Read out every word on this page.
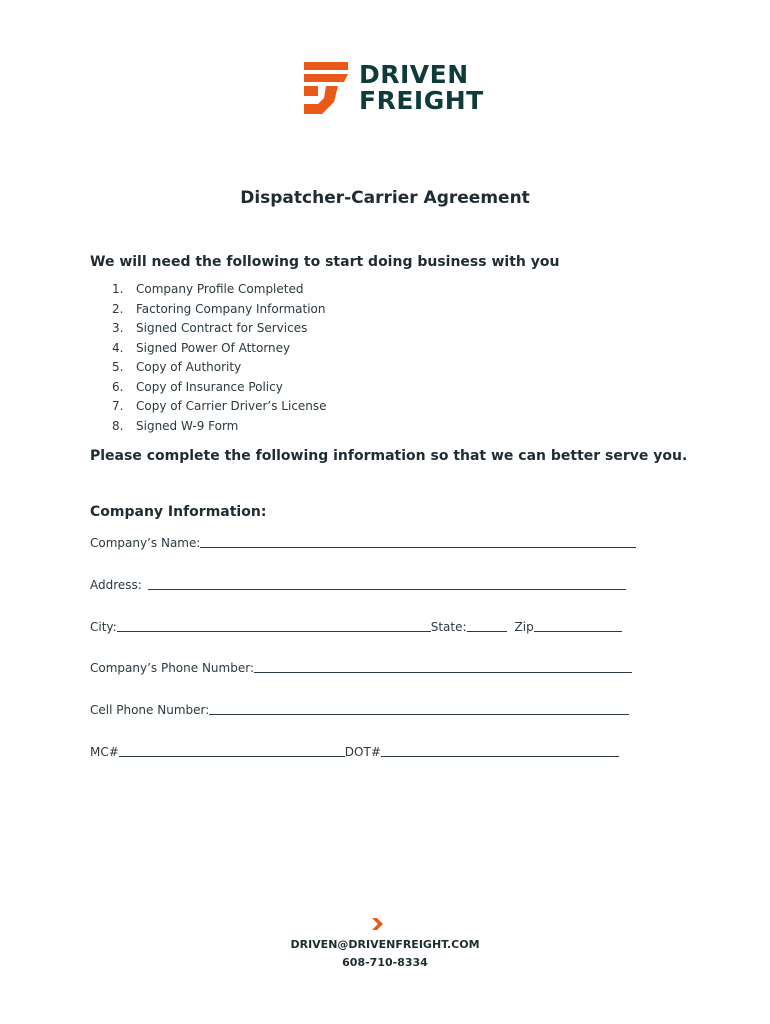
DRIVEN
FREIGHT
Dispatcher-Carrier Agreement
We will need the following to start doing business with you
1.	Company Profile Completed
2.	Factoring Company Information
3.	Signed Contract for Services
4.	Signed Power Of Attorney
5.	Copy of Authority
6.	Copy of Insurance Policy
7.	Copy of Carrier Driver’s License
8.	Signed W-9 Form
Please complete the following information so that we can better serve you.
Company Information:
Company’s Name:
Address:
City:	State:	Zip
Company’s Phone Number:
Cell Phone Number:
MC#	DOT#
DRIVEN@DRIVENFREIGHT.COM
608-710-8334
